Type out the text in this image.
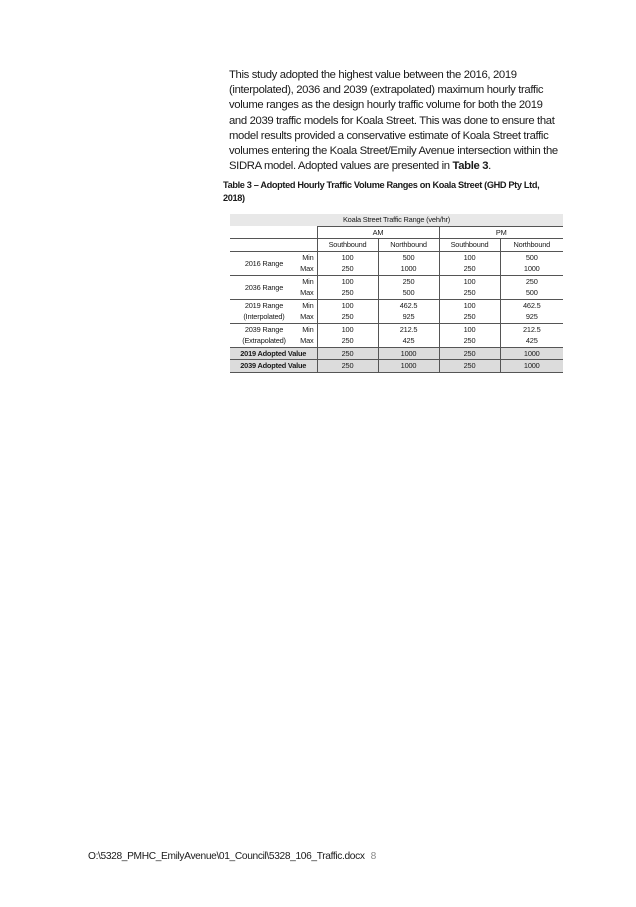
This study adopted the highest value between the 2016, 2019 (interpolated), 2036 and 2039 (extrapolated) maximum hourly traffic volume ranges as the design hourly traffic volume for both the 2019 and 2039 traffic models for Koala Street. This was done to ensure that model results provided a conservative estimate of Koala Street traffic volumes entering the Koala Street/Emily Avenue intersection within the SIDRA model. Adopted values are presented in Table 3.
Table 3 – Adopted Hourly Traffic Volume Ranges on Koala Street (GHD Pty Ltd, 2018)
Koala Street Traffic Range (veh/hr)					
		AM		PM	
		Southbound	Northbound	Southbound	Northbound
2016 Range	Min	100	500	100	500
	Max	250	1000	250	1000
2036 Range	Min	100	250	100	250
	Max	250	500	250	500
2019 Range	Min	100	462.5	100	462.5
(Interpolated)	Max	250	925	250	925
2039 Range	Min	100	212.5	100	212.5
(Extrapolated)	Max	250	425	250	425
2019 Adopted Value		250	1000	250	1000
2039 Adopted Value		250	1000	250	1000
O:\5328_PMHC_EmilyAvenue\01_Council\5328_106_Traffic.docx 8
